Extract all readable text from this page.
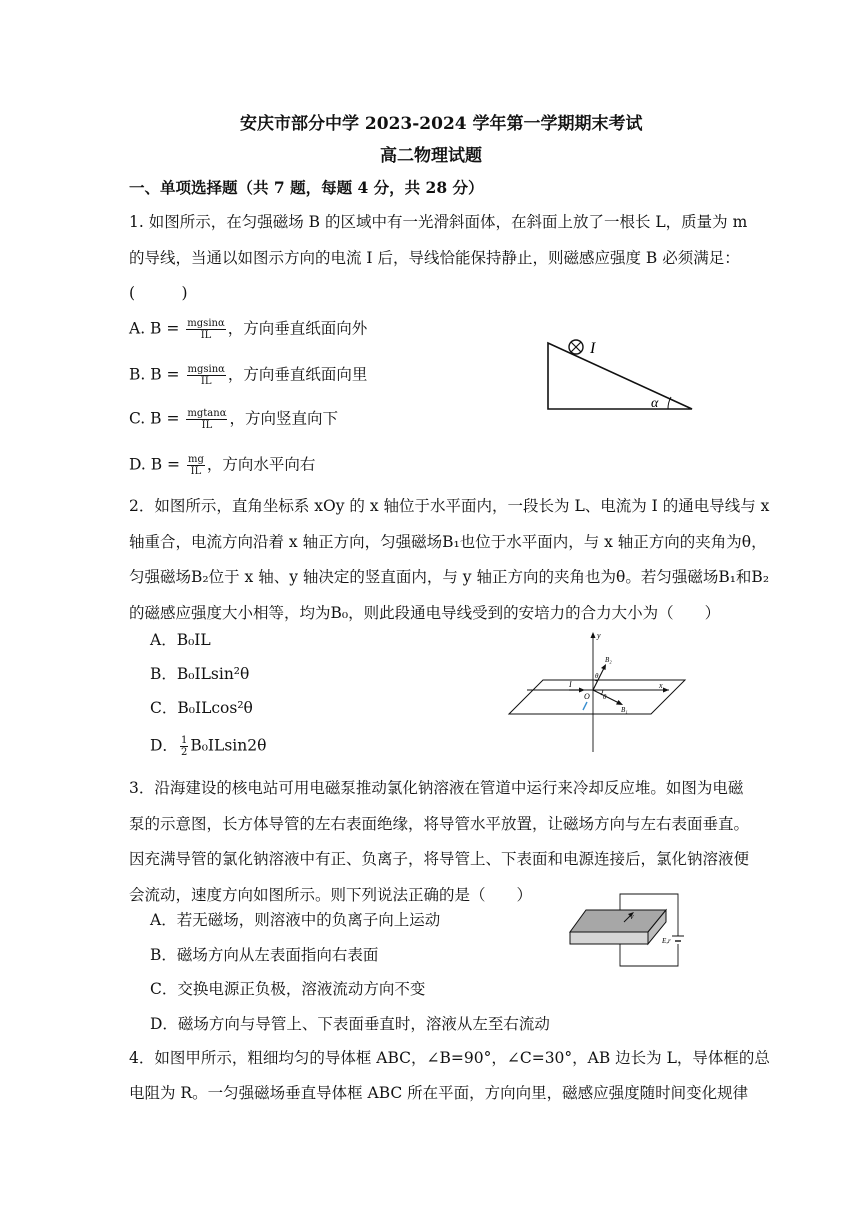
安庆市部分中学 2023-2024 学年第一学期期末考试
高二物理试题
一、单项选择题（共 7 题，每题 4 分，共 28 分）
1. 如图所示，在匀强磁场 B 的区域中有一光滑斜面体，在斜面上放了一根长 L，质量为 m
的导线，当通以如图示方向的电流 I 后，导线恰能保持静止，则磁感应强度 B 必须满足：
(　　　)
A. $B = \frac{mgsin\alpha}{IL}$ ，方向垂直纸面向外
B. $B = \frac{mgsin\alpha}{IL}$ ，方向垂直纸面向里
C. $B = \frac{mgtan\alpha}{IL}$ ，方向竖直向下
D. $B = \frac{mg}{IL}$ ，方向水平向右
I
α
2．如图所示，直角坐标系 xOy 的 x 轴位于水平面内，一段长为 L、电流为 I 的通电导线与 x
轴重合，电流方向沿着 x 轴正方向，匀强磁场B₁也位于水平面内，与 x 轴正方向的夹角为θ，
匀强磁场B₂位于 x 轴、y 轴决定的竖直面内，与 y 轴正方向的夹角也为θ。若匀强磁场B₁和B₂
的磁感应强度大小相等，均为B₀，则此段通电导线受到的安培力的合力大小为（　　）
A．B₀IL
B．B₀ILsin²θ
C．B₀ILcos²θ
D． $\frac{1}{2} B_0ILsin2\theta$
y
x
O
I
B₁
B₂
θ
θ
3．沿海建设的核电站可用电磁泵推动氯化钠溶液在管道中运行来冷却反应堆。如图为电磁
泵的示意图，长方体导管的左右表面绝缘，将导管水平放置，让磁场方向与左右表面垂直。
因充满导管的氯化钠溶液中有正、负离子，将导管上、下表面和电源连接后，氯化钠溶液便
会流动，速度方向如图所示。则下列说法正确的是（　　）
A．若无磁场，则溶液中的负离子向上运动
B．磁场方向从左表面指向右表面
C．交换电源正负极，溶液流动方向不变
D．磁场方向与导管上、下表面垂直时，溶液从左至右流动
v
E,r
4．如图甲所示，粗细均匀的导体框 ABC，∠B=90°，∠C=30°，AB 边长为 L，导体框的总
电阻为 R。一匀强磁场垂直导体框 ABC 所在平面，方向向里，磁感应强度随时间变化规律
